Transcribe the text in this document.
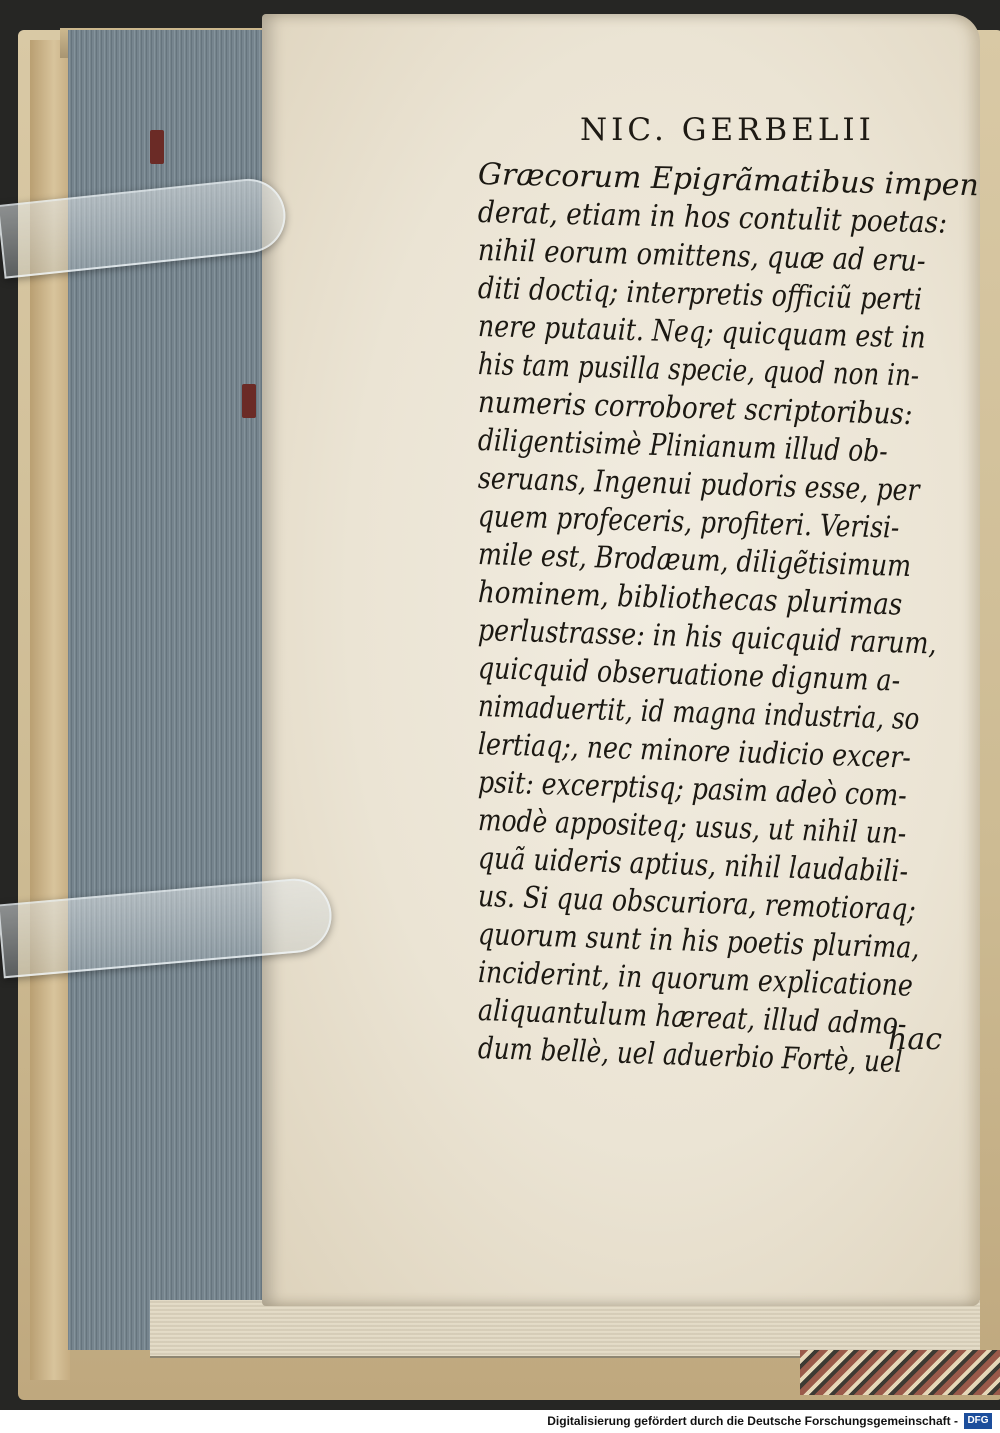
NIC. GERBELII
Græcorum Epigrãmatibus impen
derat, etiam in hos contulit poetas:
nihil eorum omittens, quæ ad eru-
diti doctiq; interpretis officiũ perti
nere putauit. Neq; quicquam est in
his tam pusilla specie, quod non in-
numeris corroboret scriptoribus:
diligentisimè Plinianum illud ob-
seruans, Ingenui pudoris esse, per
quem profeceris, profiteri. Verisi-
mile est, Brodæum, diligẽtisimum
hominem, bibliothecas plurimas
perlustrasse: in his quicquid rarum,
quicquid obseruatione dignum a-
nimaduertit, id magna industria, so
lertiaq;, nec minore iudicio excer-
psit: excerptisq; pasim adeò com-
modè appositeq; usus, ut nihil un-
quã uideris aptius, nihil laudabili-
us. Si qua obscuriora, remotioraq;
quorum sunt in his poetis plurima,
inciderint, in quorum explicatione
aliquantulum hæreat, illud admo-
dum bellè, uel aduerbio Fortè, uel
hac
Digitalisierung gefördert durch die Deutsche Forschungsgemeinschaft - DFG
